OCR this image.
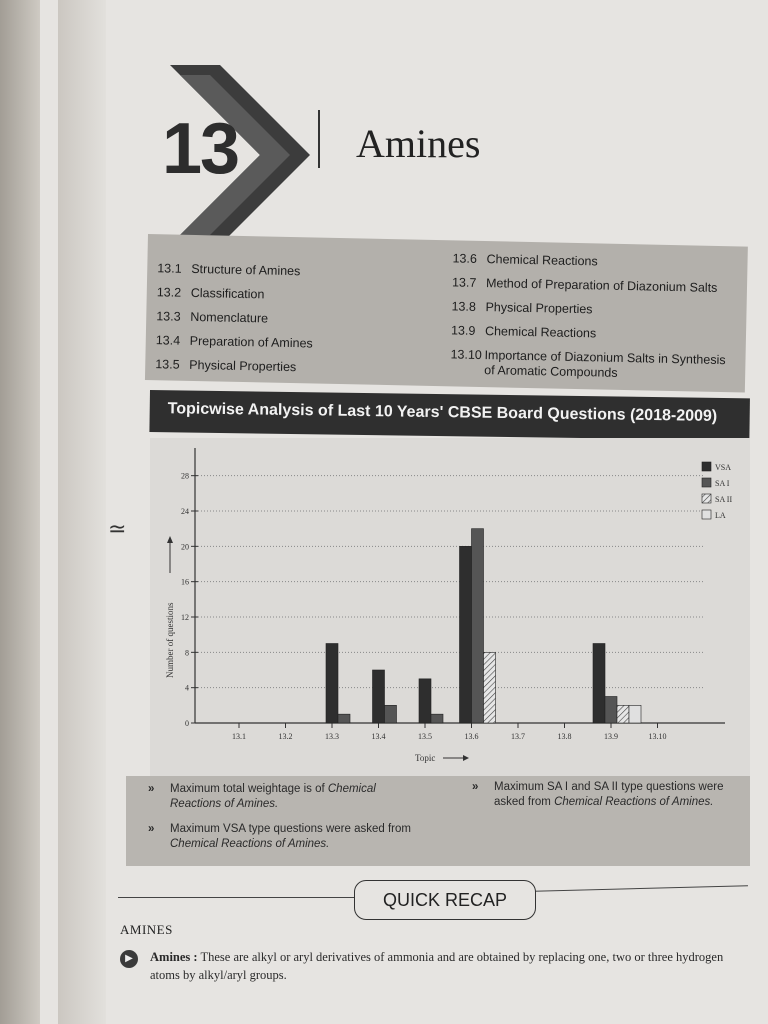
13	Amines
13.1 Structure of Amines
13.2 Classification
13.3 Nomenclature
13.4 Preparation of Amines
13.5 Physical Properties
13.6 Chemical Reactions
13.7 Method of Preparation of Diazonium Salts
13.8 Physical Properties
13.9 Chemical Reactions
13.10 Importance of Diazonium Salts in Synthesis
of Aromatic Compounds
Topicwise Analysis of Last 10 Years' CBSE Board Questions (2018-2009)
0
4
8
12
16
20
24
28
13.1	13.2	13.3	13.4	13.5	13.6	13.7	13.8	13.9	13.10
Topic
Number of questions
VSA
SA I
SA II
LA
» Maximum total weightage is of Chemical Reactions of Amines.
» Maximum VSA type questions were asked from Chemical Reactions of Amines.
» Maximum SA I and SA II type questions were asked from Chemical Reactions of Amines.
QUICK RECAP
AMINES
▶	Amines : These are alkyl or aryl derivatives of ammonia and are obtained by replacing one, two or three hydrogen atoms by alkyl/aryl groups.
≃
